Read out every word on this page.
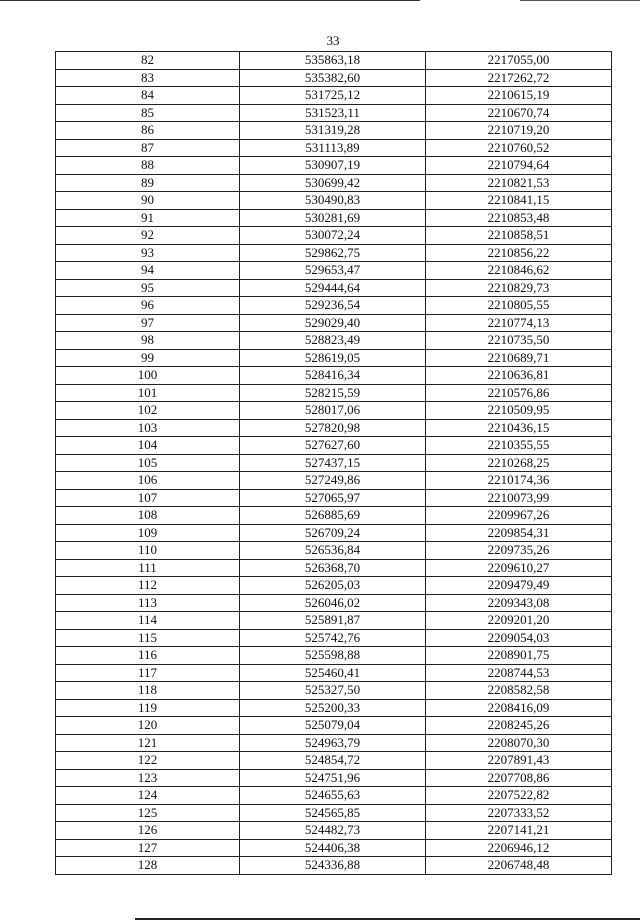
33
82	535863,18	2217055,00
83	535382,60	2217262,72
84	531725,12	2210615,19
85	531523,11	2210670,74
86	531319,28	2210719,20
87	531113,89	2210760,52
88	530907,19	2210794,64
89	530699,42	2210821,53
90	530490,83	2210841,15
91	530281,69	2210853,48
92	530072,24	2210858,51
93	529862,75	2210856,22
94	529653,47	2210846,62
95	529444,64	2210829,73
96	529236,54	2210805,55
97	529029,40	2210774,13
98	528823,49	2210735,50
99	528619,05	2210689,71
100	528416,34	2210636,81
101	528215,59	2210576,86
102	528017,06	2210509,95
103	527820,98	2210436,15
104	527627,60	2210355,55
105	527437,15	2210268,25
106	527249,86	2210174,36
107	527065,97	2210073,99
108	526885,69	2209967,26
109	526709,24	2209854,31
110	526536,84	2209735,26
111	526368,70	2209610,27
112	526205,03	2209479,49
113	526046,02	2209343,08
114	525891,87	2209201,20
115	525742,76	2209054,03
116	525598,88	2208901,75
117	525460,41	2208744,53
118	525327,50	2208582,58
119	525200,33	2208416,09
120	525079,04	2208245,26
121	524963,79	2208070,30
122	524854,72	2207891,43
123	524751,96	2207708,86
124	524655,63	2207522,82
125	524565,85	2207333,52
126	524482,73	2207141,21
127	524406,38	2206946,12
128	524336,88	2206748,48
